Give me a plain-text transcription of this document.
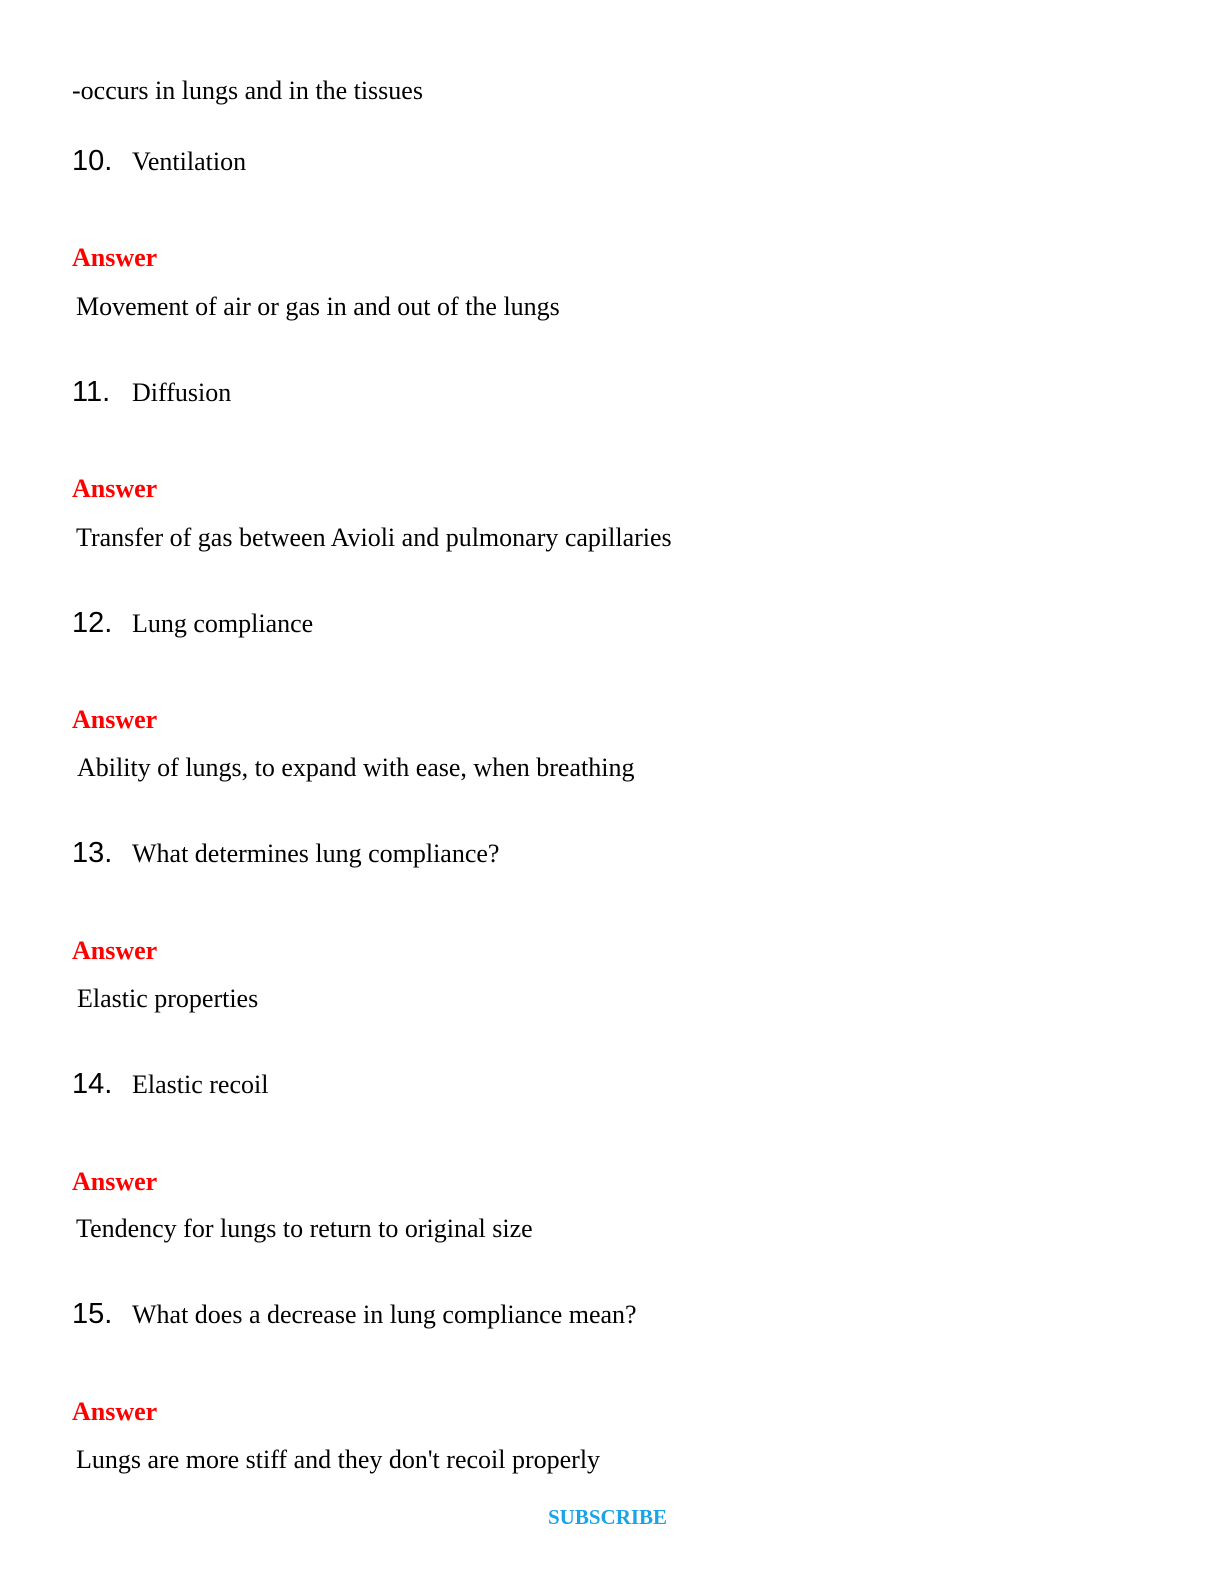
-occurs in lungs and in the tissues
10. Ventilation
Answer
Movement of air or gas in and out of the lungs
11. Diffusion
Answer
Transfer of gas between Avioli and pulmonary capillaries
12. Lung compliance
Answer
Ability of lungs, to expand with ease, when breathing
13. What determines lung compliance?
Answer
Elastic properties
14. Elastic recoil
Answer
Tendency for lungs to return to original size
15. What does a decrease in lung compliance mean?
Answer
Lungs are more stiff and they don't recoil properly
SUBSCRIBE
